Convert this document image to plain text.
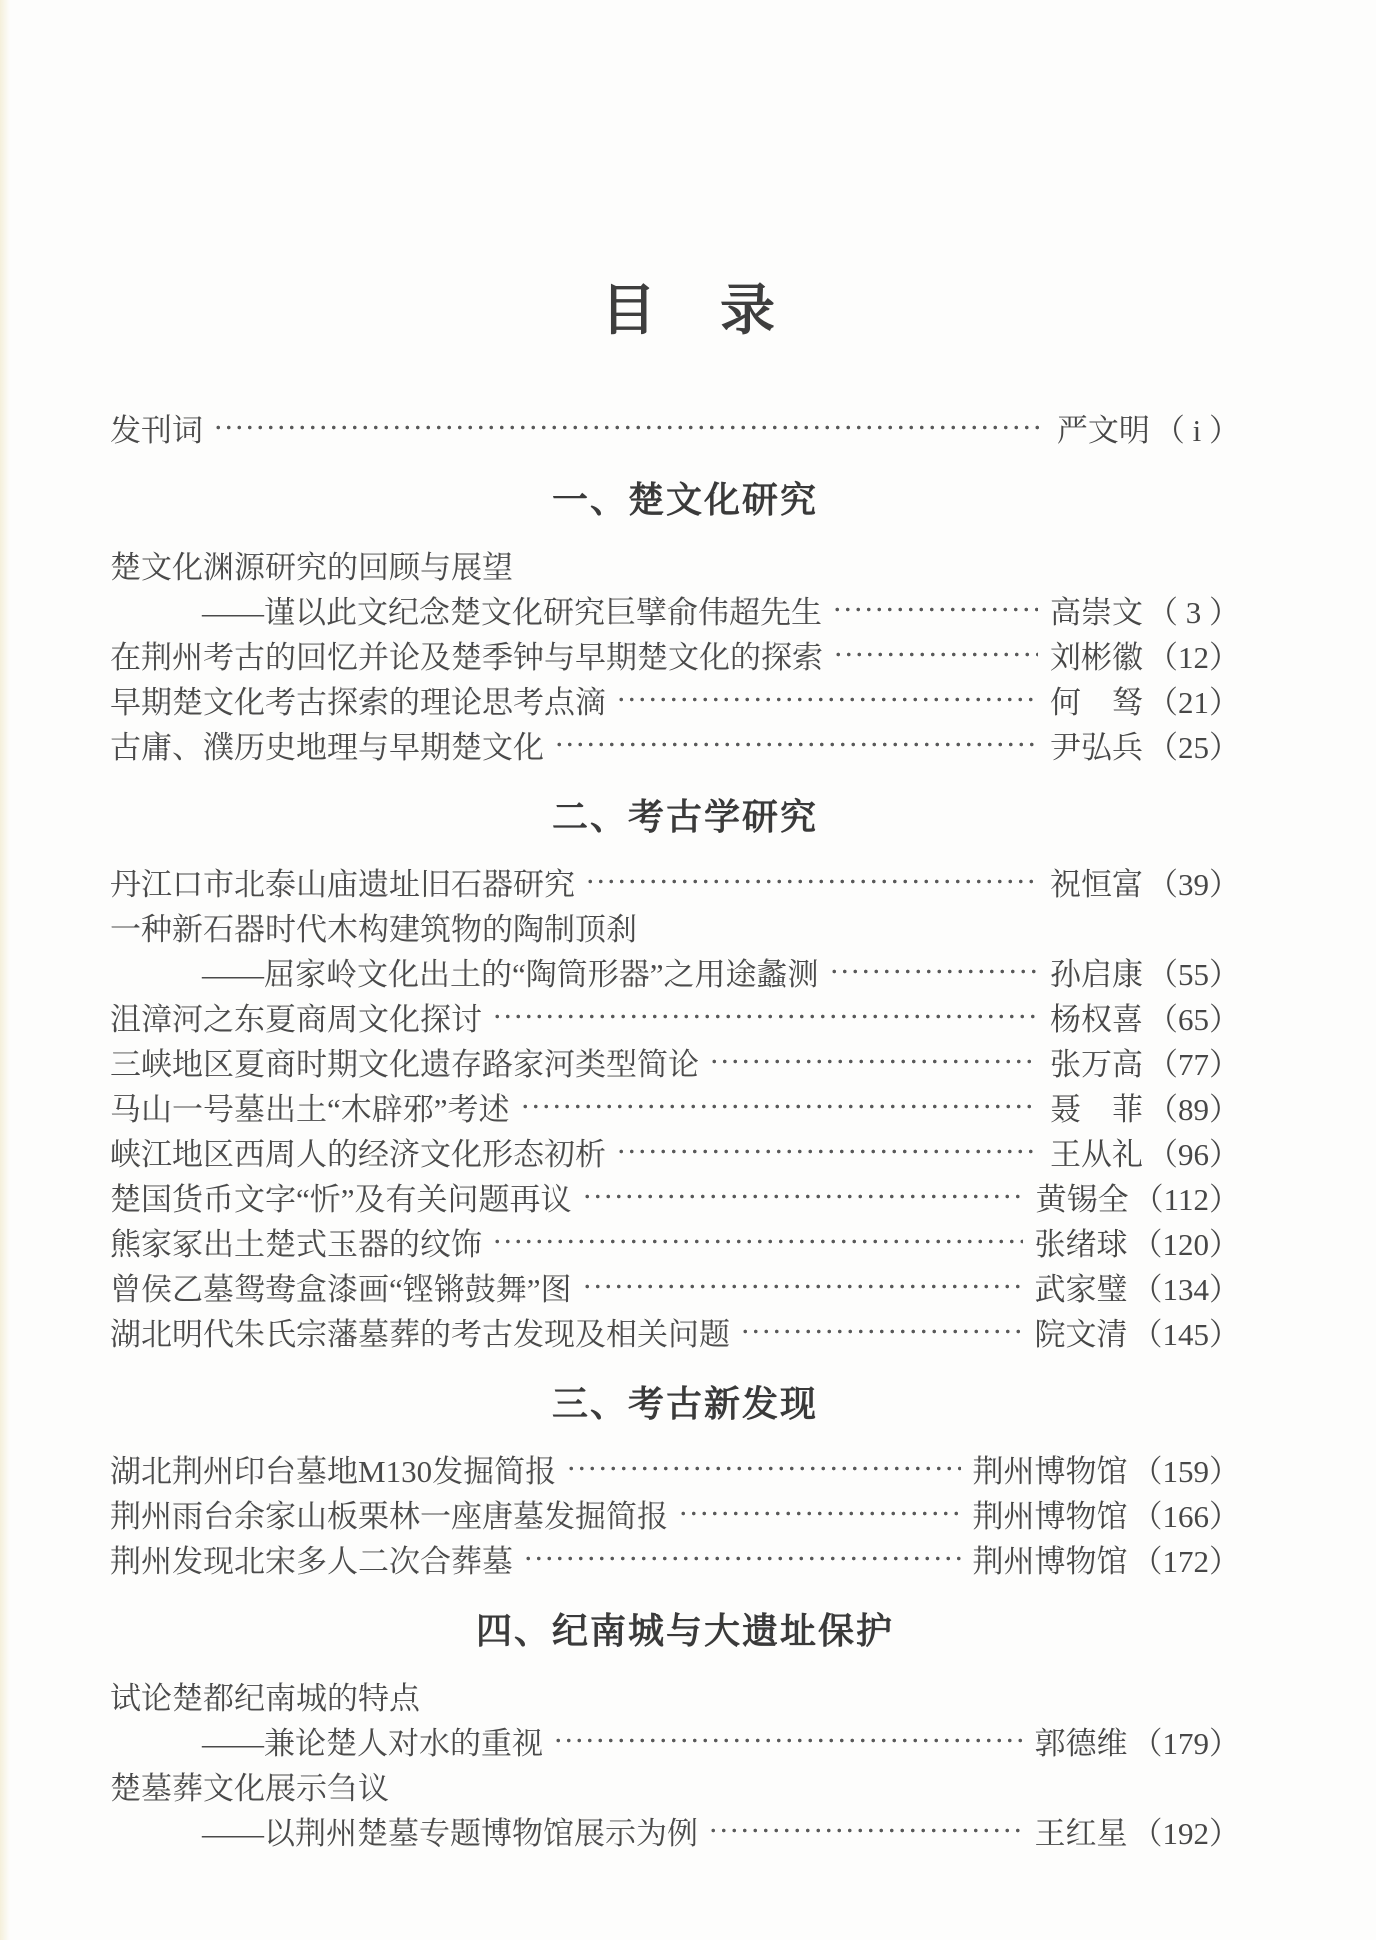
目 录
发刊词	严文明 （ i ）
一、楚文化研究
楚文化渊源研究的回顾与展望
——谨以此文纪念楚文化研究巨擘俞伟超先生	高崇文 （ 3 ）
在荆州考古的回忆并论及楚季钟与早期楚文化的探索	刘彬徽 （12）
早期楚文化考古探索的理论思考点滴	何　驽 （21）
古庸、濮历史地理与早期楚文化	尹弘兵 （25）
二、考古学研究
丹江口市北泰山庙遗址旧石器研究	祝恒富 （39）
一种新石器时代木构建筑物的陶制顶刹
——屈家岭文化出土的“陶筒形器”之用途蠡测	孙启康 （55）
沮漳河之东夏商周文化探讨	杨权喜 （65）
三峡地区夏商时期文化遗存路家河类型简论	张万高 （77）
马山一号墓出土“木辟邪”考述	聂　菲 （89）
峡江地区西周人的经济文化形态初析	王从礼 （96）
楚国货币文字“忻”及有关问题再议	黄锡全 （112）
熊家冢出土楚式玉器的纹饰	张绪球 （120）
曾侯乙墓鸳鸯盒漆画“铿锵鼓舞”图	武家璧 （134）
湖北明代朱氏宗藩墓葬的考古发现及相关问题	院文清 （145）
三、考古新发现
湖北荆州印台墓地M130发掘简报	荆州博物馆 （159）
荆州雨台余家山板栗林一座唐墓发掘简报	荆州博物馆 （166）
荆州发现北宋多人二次合葬墓	荆州博物馆 （172）
四、纪南城与大遗址保护
试论楚都纪南城的特点
——兼论楚人对水的重视	郭德维 （179）
楚墓葬文化展示刍议
——以荆州楚墓专题博物馆展示为例	王红星 （192）
